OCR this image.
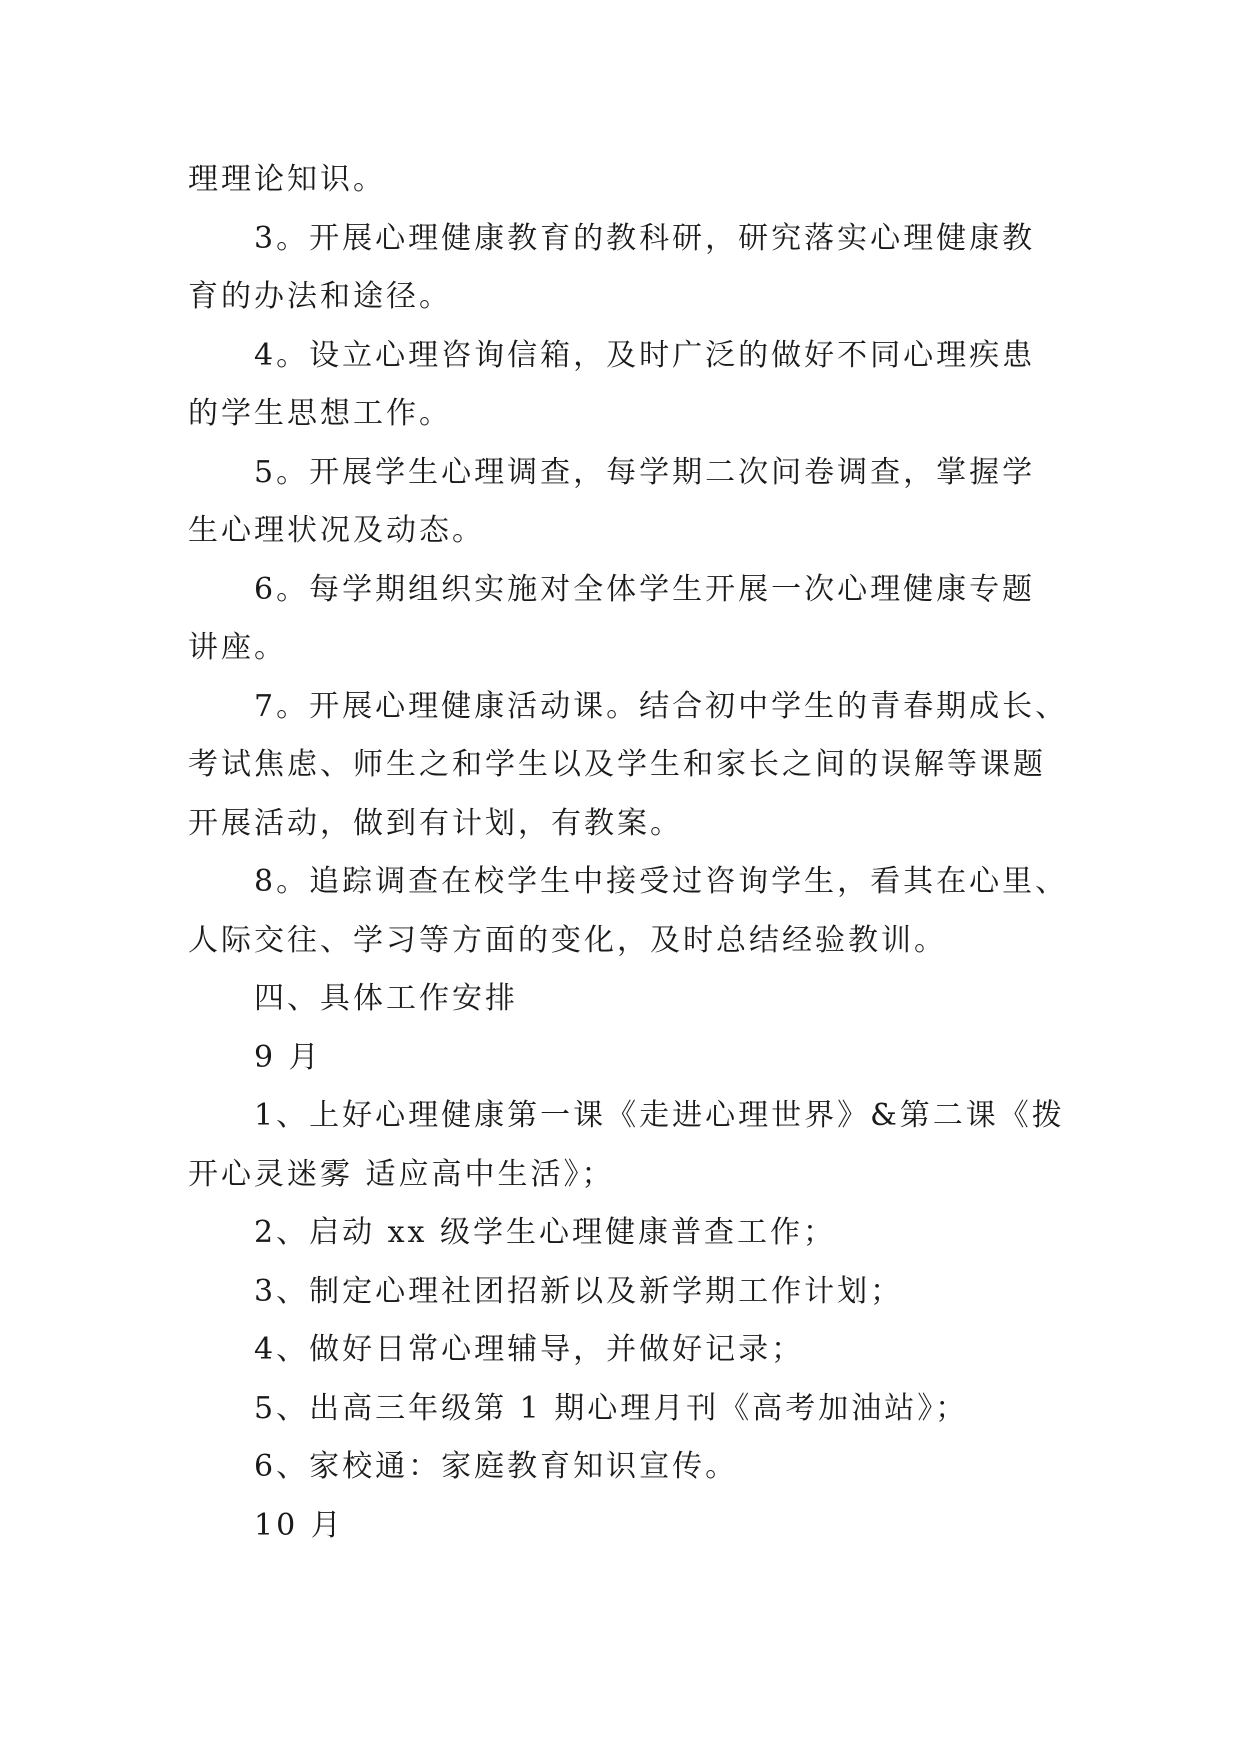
理理论知识。

3。开展心理健康教育的教科研，研究落实心理健康教

育的办法和途径。

4。设立心理咨询信箱，及时广泛的做好不同心理疾患

的学生思想工作。

5。开展学生心理调查，每学期二次问卷调查，掌握学

生心理状况及动态。

6。每学期组织实施对全体学生开展一次心理健康专题

讲座。

7。开展心理健康活动课。结合初中学生的青春期成长、

考试焦虑、师生之和学生以及学生和家长之间的误解等课题

开展活动，做到有计划，有教案。

8。追踪调查在校学生中接受过咨询学生，看其在心里、

人际交往、学习等方面的变化，及时总结经验教训。

四、具体工作安排

9 月

1、上好心理健康第一课《走进心理世界》&第二课《拨

开心灵迷雾 适应高中生活》；

2、启动 xx 级学生心理健康普查工作；

3、制定心理社团招新以及新学期工作计划；

4、做好日常心理辅导，并做好记录；

5、出高三年级第 1 期心理月刊《高考加油站》；

6、家校通：家庭教育知识宣传。

10 月
